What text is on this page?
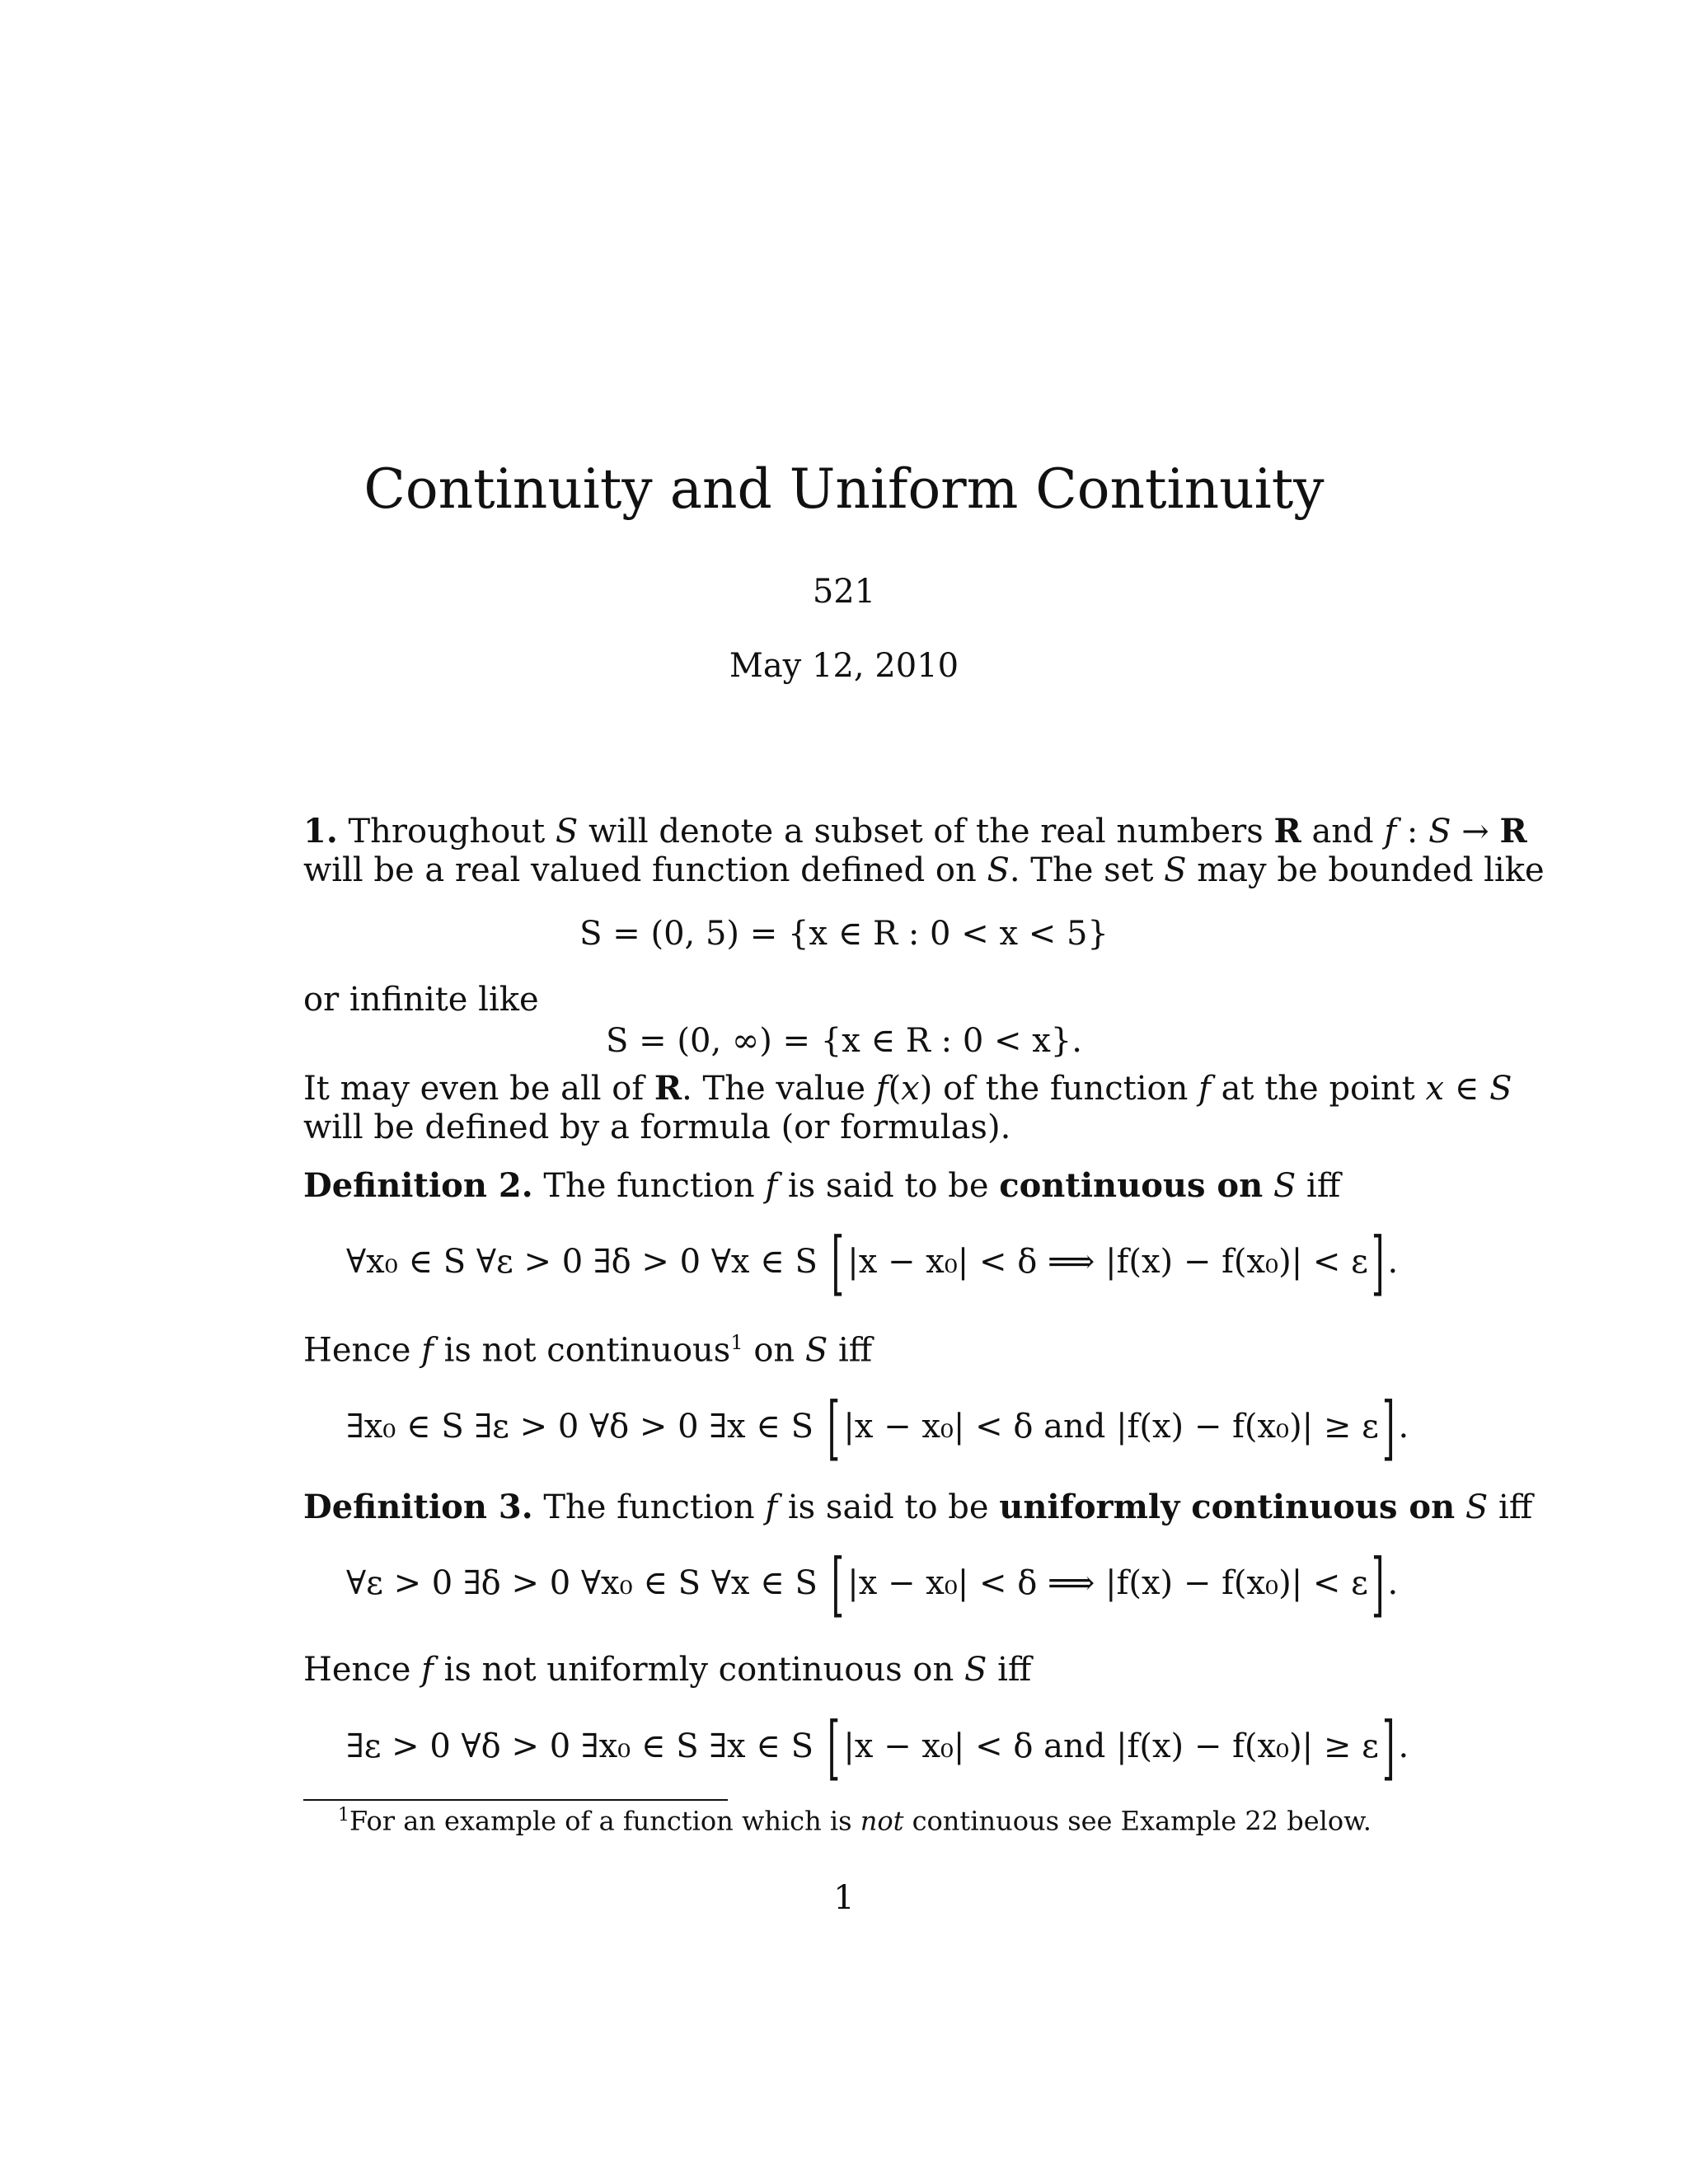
Continuity and Uniform Continuity
521
May 12, 2010
1. Throughout S will denote a subset of the real numbers R and f : S → R
will be a real valued function defined on S. The set S may be bounded like
S = (0, 5) = {x ∈ R : 0 < x < 5}
or infinite like
S = (0, ∞) = {x ∈ R : 0 < x}.
It may even be all of R. The value f(x) of the function f at the point x ∈ S
will be defined by a formula (or formulas).
Definition 2. The function f is said to be continuous on S iff
∀x₀ ∈ S ∀ε > 0 ∃δ > 0 ∀x ∈ S [ |x − x₀| < δ ⟹ |f(x) − f(x₀)| < ε ] .
Hence f is not continuous$^1$ on S iff
∃x₀ ∈ S ∃ε > 0 ∀δ > 0 ∃x ∈ S [ |x − x₀| < δ and |f(x) − f(x₀)| ≥ ε ] .
Definition 3. The function f is said to be uniformly continuous on S iff
∀ε > 0 ∃δ > 0 ∀x₀ ∈ S ∀x ∈ S [ |x − x₀| < δ ⟹ |f(x) − f(x₀)| < ε ] .
Hence f is not uniformly continuous on S iff
∃ε > 0 ∀δ > 0 ∃x₀ ∈ S ∃x ∈ S [ |x − x₀| < δ and |f(x) − f(x₀)| ≥ ε ] .
$^1$For an example of a function which is not continuous see Example 22 below.
1
